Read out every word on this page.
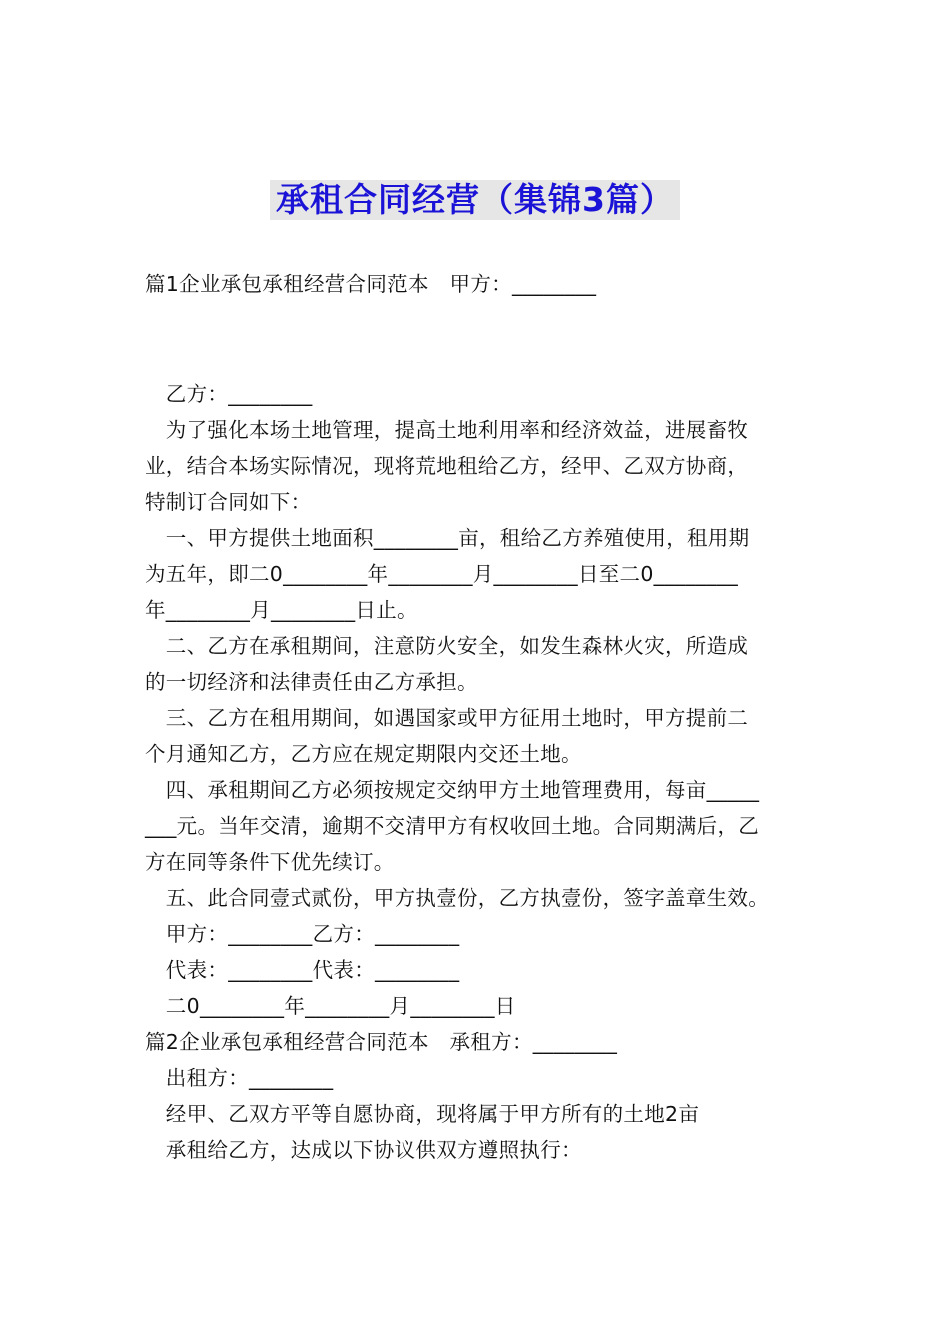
承租合同经营（集锦3篇）
篇1企业承包承租经营合同范本　甲方：________
　乙方：________
　为了强化本场土地管理，提高土地利用率和经济效益，进展畜牧
业，结合本场实际情况，现将荒地租给乙方，经甲、乙双方协商，
特制订合同如下：
　一、甲方提供土地面积________亩，租给乙方养殖使用，租用期
为五年，即二0________年________月________日至二0________
年________月________日止。
　二、乙方在承租期间，注意防火安全，如发生森林火灾，所造成
的一切经济和法律责任由乙方承担。
　三、乙方在租用期间，如遇国家或甲方征用土地时，甲方提前二
个月通知乙方，乙方应在规定期限内交还土地。
　四、承租期间乙方必须按规定交纳甲方土地管理费用，每亩_____
___元。当年交清，逾期不交清甲方有权收回土地。合同期满后，乙
方在同等条件下优先续订。
　五、此合同壹式贰份，甲方执壹份，乙方执壹份，签字盖章生效。
　甲方：________乙方：________
　代表：________代表：________
　二0________年________月________日
篇2企业承包承租经营合同范本　承租方：________
　出租方：________
　经甲、乙双方平等自愿协商，现将属于甲方所有的土地2亩
　承租给乙方，达成以下协议供双方遵照执行：
